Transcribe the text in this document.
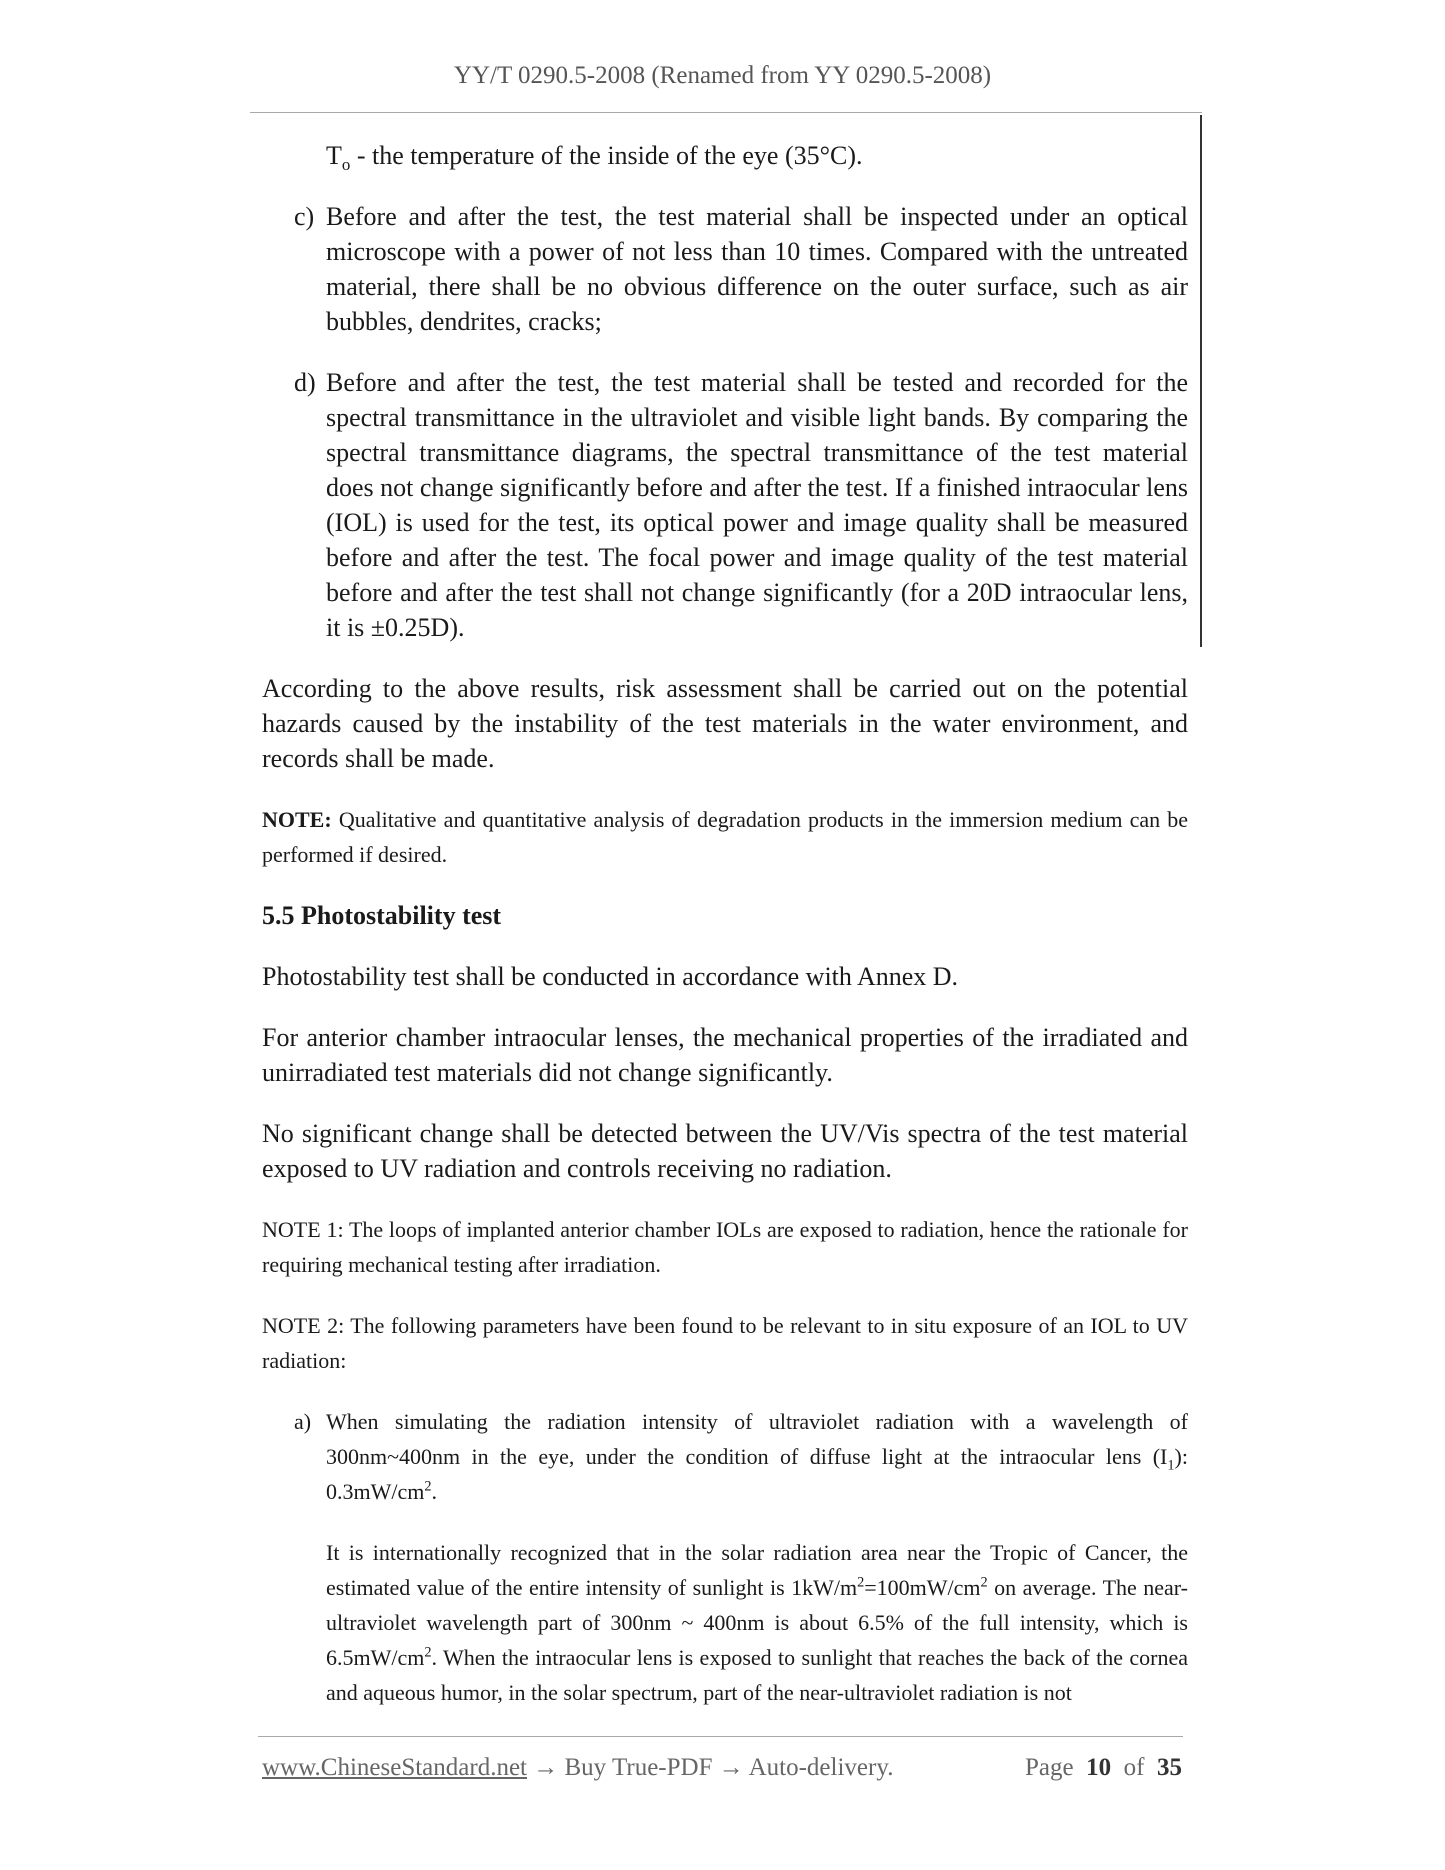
YY/T 0290.5-2008 (Renamed from YY 0290.5-2008)

$T_o$ - the temperature of the inside of the eye (35°C).

c) Before and after the test, the test material shall be inspected under an optical microscope with a power of not less than 10 times. Compared with the untreated material, there shall be no obvious difference on the outer surface, such as air bubbles, dendrites, cracks;

d) Before and after the test, the test material shall be tested and recorded for the spectral transmittance in the ultraviolet and visible light bands. By comparing the spectral transmittance diagrams, the spectral transmittance of the test material does not change significantly before and after the test. If a finished intraocular lens (IOL) is used for the test, its optical power and image quality shall be measured before and after the test. The focal power and image quality of the test material before and after the test shall not change significantly (for a 20D intraocular lens, it is ±0.25D).

According to the above results, risk assessment shall be carried out on the potential hazards caused by the instability of the test materials in the water environment, and records shall be made.

NOTE: Qualitative and quantitative analysis of degradation products in the immersion medium can be performed if desired.

5.5 Photostability test

Photostability test shall be conducted in accordance with Annex D.

For anterior chamber intraocular lenses, the mechanical properties of the irradiated and unirradiated test materials did not change significantly.

No significant change shall be detected between the UV/Vis spectra of the test material exposed to UV radiation and controls receiving no radiation.

NOTE 1: The loops of implanted anterior chamber IOLs are exposed to radiation, hence the rationale for requiring mechanical testing after irradiation.

NOTE 2: The following parameters have been found to be relevant to in situ exposure of an IOL to UV radiation:

a) When simulating the radiation intensity of ultraviolet radiation with a wavelength of 300nm~400nm in the eye, under the condition of diffuse light at the intraocular lens $(I_1)$: $0.3mW/cm^2$.

It is internationally recognized that in the solar radiation area near the Tropic of Cancer, the estimated value of the entire intensity of sunlight is $1kW/m^2=100mW/cm^2$ on average. The near-ultraviolet wavelength part of 300nm ~ 400nm is about 6.5% of the full intensity, which is $6.5mW/cm^2$. When the intraocular lens is exposed to sunlight that reaches the back of the cornea and aqueous humor, in the solar spectrum, part of the near-ultraviolet radiation is not

www.ChineseStandard.net → Buy True-PDF → Auto-delivery.	Page 10 of 35
